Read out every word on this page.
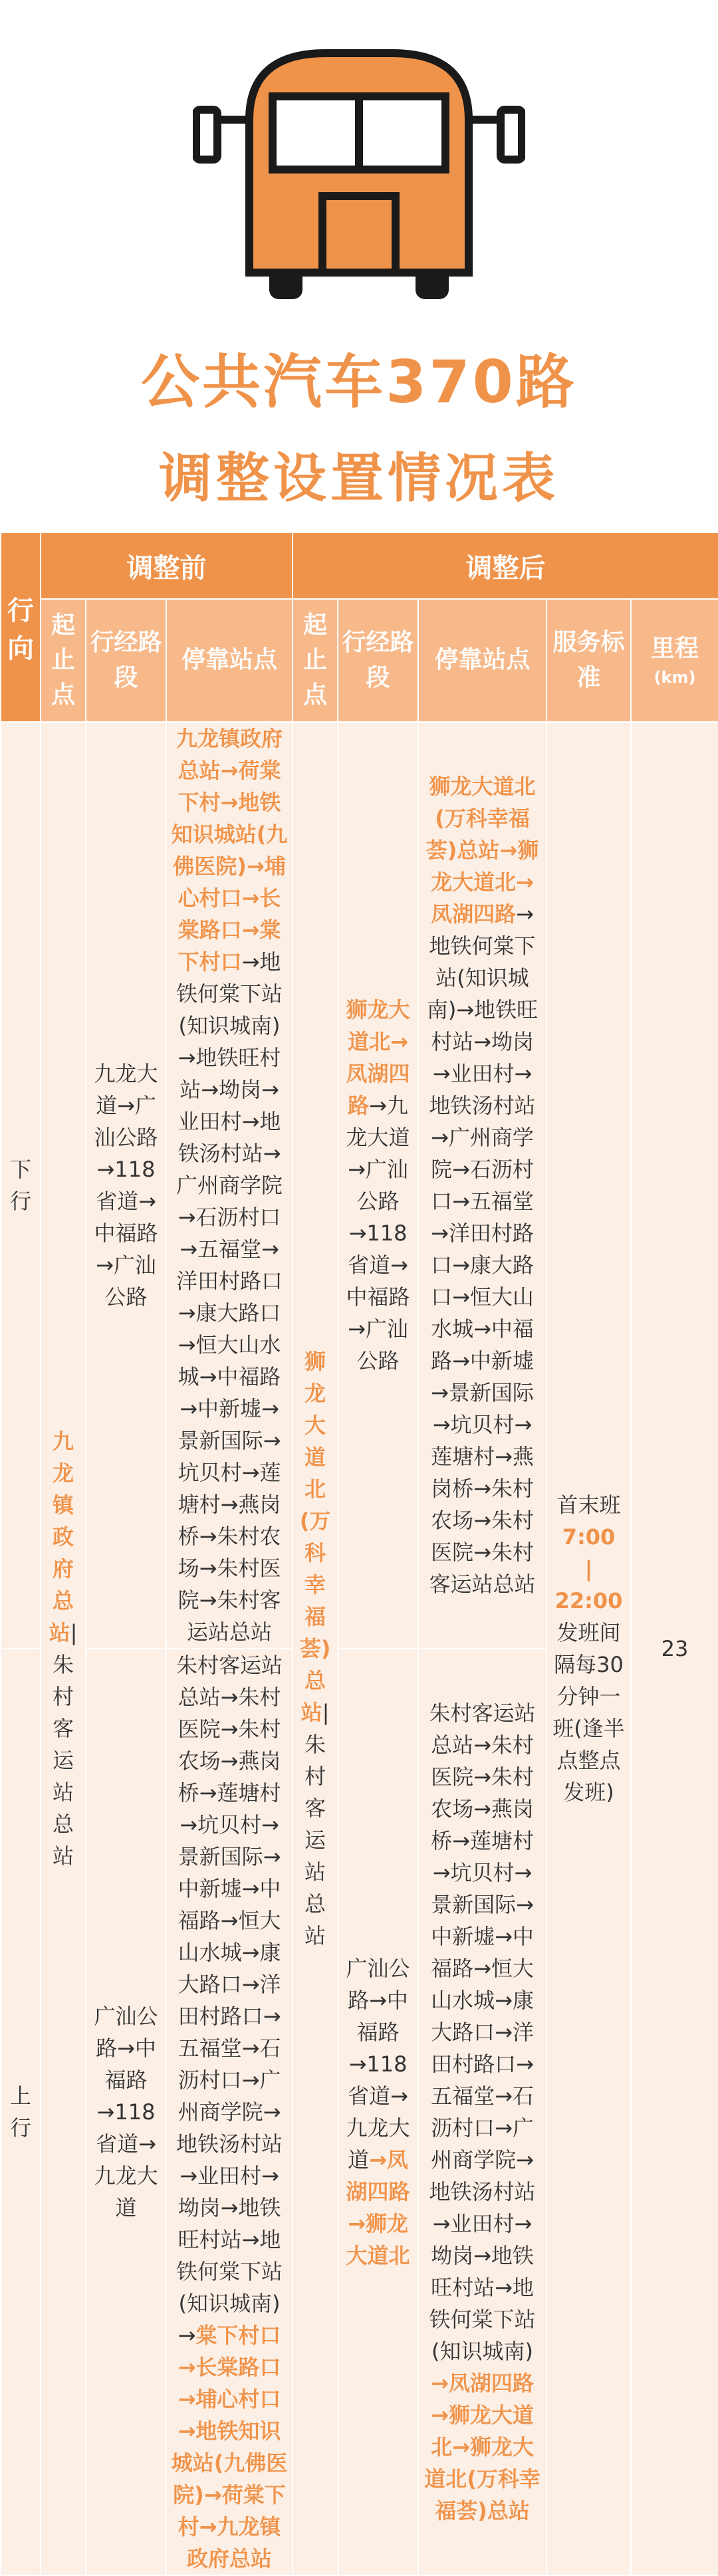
公共汽车370路
调整设置情况表
行向	调整前			调整后				
	起止点	行经路段	停靠站点	起止点	行经路段	停靠站点	服务标准	里程
(km)

下行	九龙镇政府总站|朱村客运站总站	九龙大道→广汕公路→118省道→中福路→广汕公路	九龙镇政府总站→荷棠下村→地铁知识城站(九佛医院)→埔心村口→长棠路口→棠下村口→地铁何棠下站(知识城南)→地铁旺村站→坳岗→业田村→地铁汤村站→广州商学院→石沥村口→五福堂→洋田村路口→康大路口→恒大山水城→中福路→中新墟→景新国际→坑贝村→莲塘村→燕岗桥→朱村农场→朱村医院→朱村客运站总站	狮龙大道北(万科幸福荟)总站|朱村客运站总站	狮龙大道北→凤湖四路→九龙大道→广汕公路→118省道→中福路→广汕公路	狮龙大道北(万科幸福荟)总站→狮龙大道北→凤湖四路→地铁何棠下站(知识城南)→地铁旺村站→坳岗→业田村→地铁汤村站→广州商学院→石沥村口→五福堂→洋田村路口→康大路口→恒大山水城→中福路→中新墟→景新国际→坑贝村→莲塘村→燕岗桥→朱村农场→朱村医院→朱村客运站总站	首末班
7:00
|
22:00
发班间隔每30分钟一班(逢半点整点发班)	23
上行		广汕公路→中福路→118省道→九龙大道	朱村客运站总站→朱村医院→朱村农场→燕岗桥→莲塘村→坑贝村→景新国际→中新墟→中福路→恒大山水城→康大路口→洋田村路口→五福堂→石沥村口→广州商学院→地铁汤村站→业田村→坳岗→地铁旺村站→地铁何棠下站(知识城南)→棠下村口→长棠路口→埔心村口→地铁知识城站(九佛医院)→荷棠下村→九龙镇政府总站		广汕公路→中福路→118省道→九龙大道→凤湖四路→狮龙大道北	朱村客运站总站→朱村医院→朱村农场→燕岗桥→莲塘村→坑贝村→景新国际→中新墟→中福路→恒大山水城→康大路口→洋田村路口→五福堂→石沥村口→广州商学院→地铁汤村站→业田村→坳岗→地铁旺村站→地铁何棠下站(知识城南)→凤湖四路→狮龙大道北→狮龙大道北(万科幸福荟)总站		
